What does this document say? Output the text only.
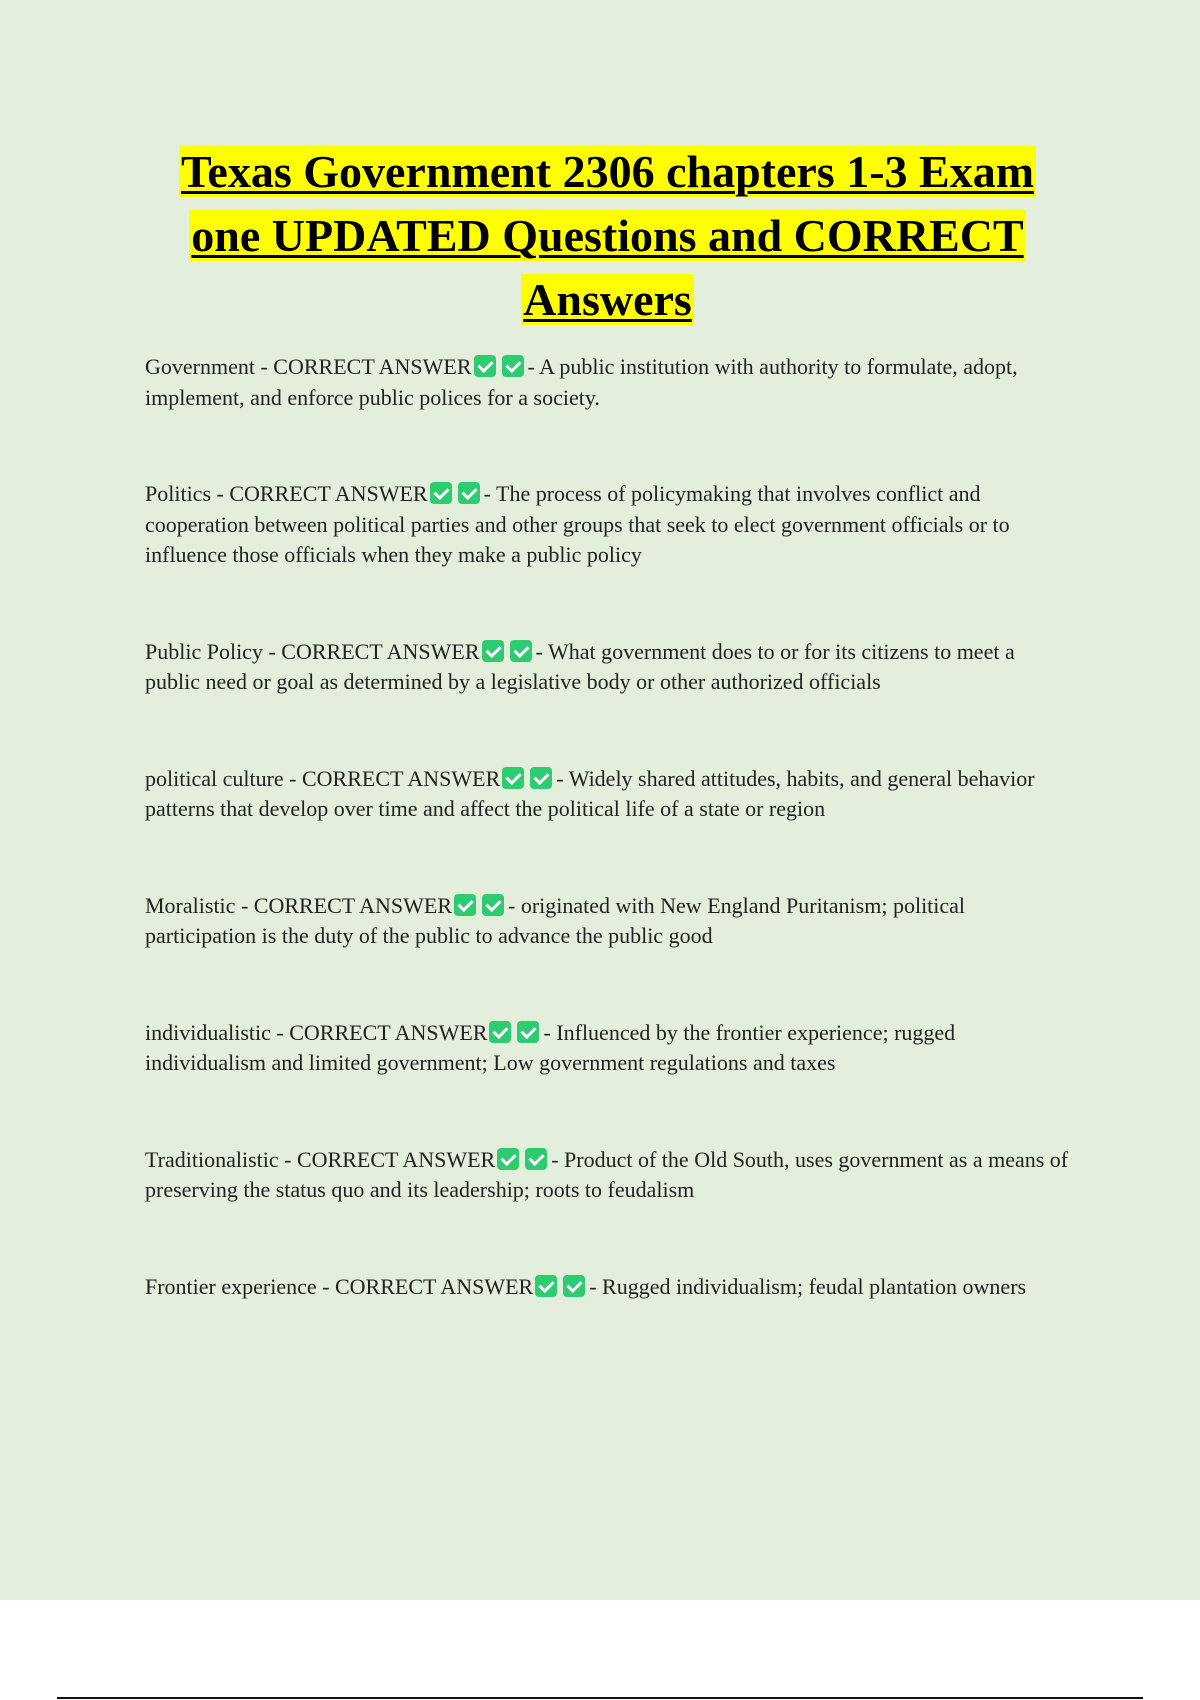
Texas Government 2306 chapters 1-3 Exam one UPDATED Questions and CORRECT Answers

Government - CORRECT ANSWER	- A public institution with authority to formulate, adopt, implement, and enforce public polices for a society.

Politics - CORRECT ANSWER	- The process of policymaking that involves conflict and cooperation between political parties and other groups that seek to elect government officials or to influence those officials when they make a public policy

Public Policy - CORRECT ANSWER	- What government does to or for its citizens to meet a public need or goal as determined by a legislative body or other authorized officials

political culture - CORRECT ANSWER	- Widely shared attitudes, habits, and general behavior patterns that develop over time and affect the political life of a state or region

Moralistic - CORRECT ANSWER	- originated with New England Puritanism; political participation is the duty of the public to advance the public good

individualistic - CORRECT ANSWER	- Influenced by the frontier experience; rugged individualism and limited government; Low government regulations and taxes

Traditionalistic - CORRECT ANSWER	- Product of the Old South, uses government as a means of preserving the status quo and its leadership; roots to feudalism

Frontier experience - CORRECT ANSWER	- Rugged individualism; feudal plantation owners
